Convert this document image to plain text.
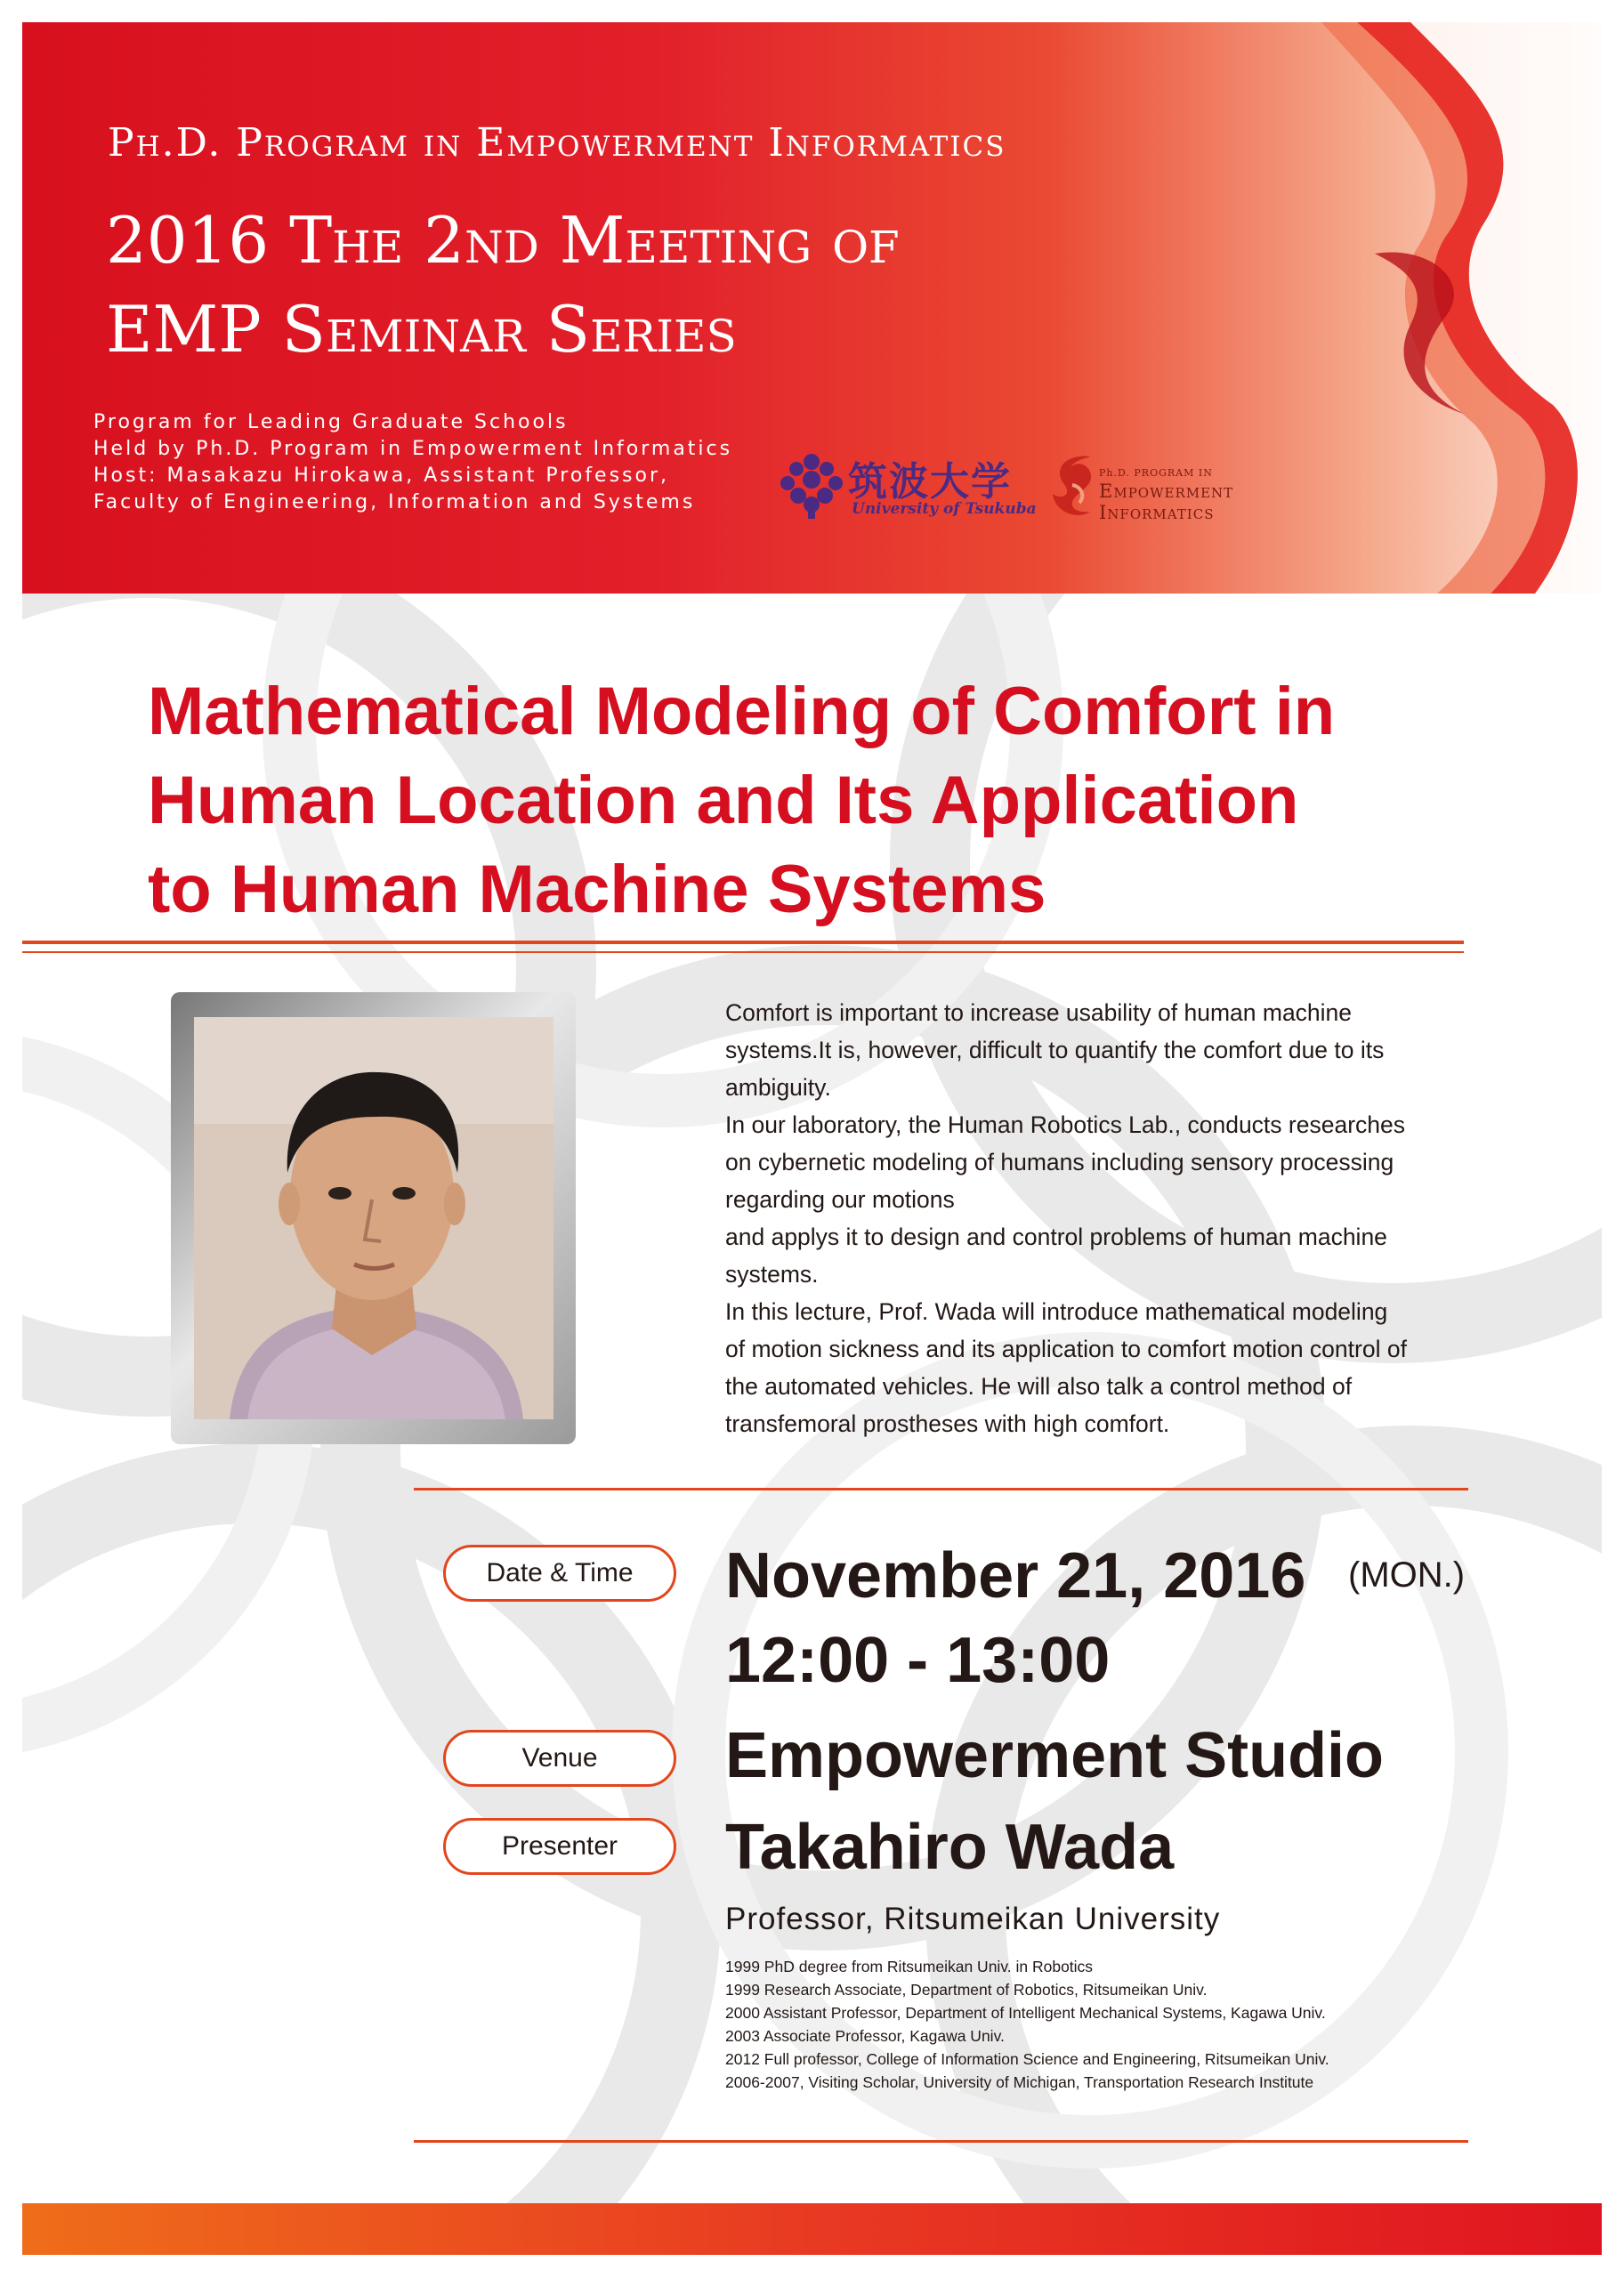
Ph.D. Program in Empowerment Informatics
2016 The 2nd Meeting of
EMP Seminar Series
Program for Leading Graduate Schools
Held by Ph.D. Program in Empowerment Informatics
Host: Masakazu Hirokawa, Assistant Professor,
Faculty of Engineering, Information and Systems	筑波大学
University of Tsukuba
Ph.D. PROGRAM IN
Empowerment
Informatics
Mathematical Modeling of Comfort in
Human Location and Its Application
to Human Machine Systems
Comfort is important to increase usability of human machine
systems.It is, however, difficult to quantify the comfort due to its
ambiguity.
In our laboratory, the Human Robotics Lab., conducts researches
on cybernetic modeling of humans including sensory processing
regarding our motions
and applys it to design and control problems of human machine
systems.
In this lecture, Prof. Wada will introduce mathematical modeling
of motion sickness and its application to comfort motion control of
the automated vehicles. He will also talk a control method of
transfemoral prostheses with high comfort.
Date & Time	November 21, 2016 (MON.)
12:00 - 13:00
Venue	Empowerment Studio
Presenter	Takahiro Wada
Professor, Ritsumeikan University
1999 PhD degree from Ritsumeikan Univ. in Robotics
1999 Research Associate, Department of Robotics, Ritsumeikan Univ.
2000 Assistant Professor, Department of Intelligent Mechanical Systems, Kagawa Univ.
2003 Associate Professor, Kagawa Univ.
2012 Full professor, College of Information Science and Engineering, Ritsumeikan Univ.
2006-2007, Visiting Scholar, University of Michigan, Transportation Research Institute
